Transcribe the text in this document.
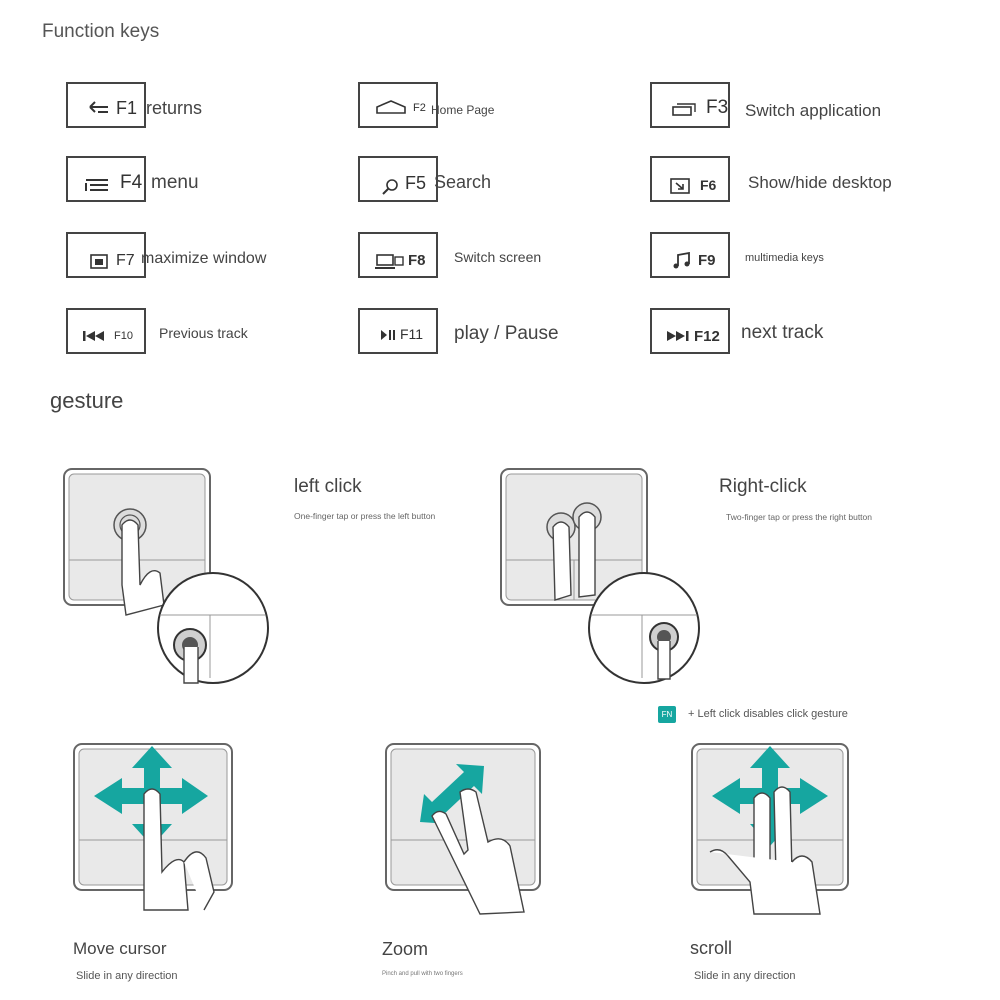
Function keys
gesture
F1 returns	F2 Home Page	F3 Switch application
F4 menu	F5 Search	F6 Show/hide desktop
F7 maximize window	F8 Switch screen	F9	multimedia keys
F10 Previous track	F11 play / Pause	F12 next track
left click
One-finger tap or press the left button
Right-click
Two-finger tap or press the right button
FN	+ Left click disables click gesture
Move cursor
Slide in any direction
Zoom
Pinch and pull with two fingers
scroll
Slide in any direction
